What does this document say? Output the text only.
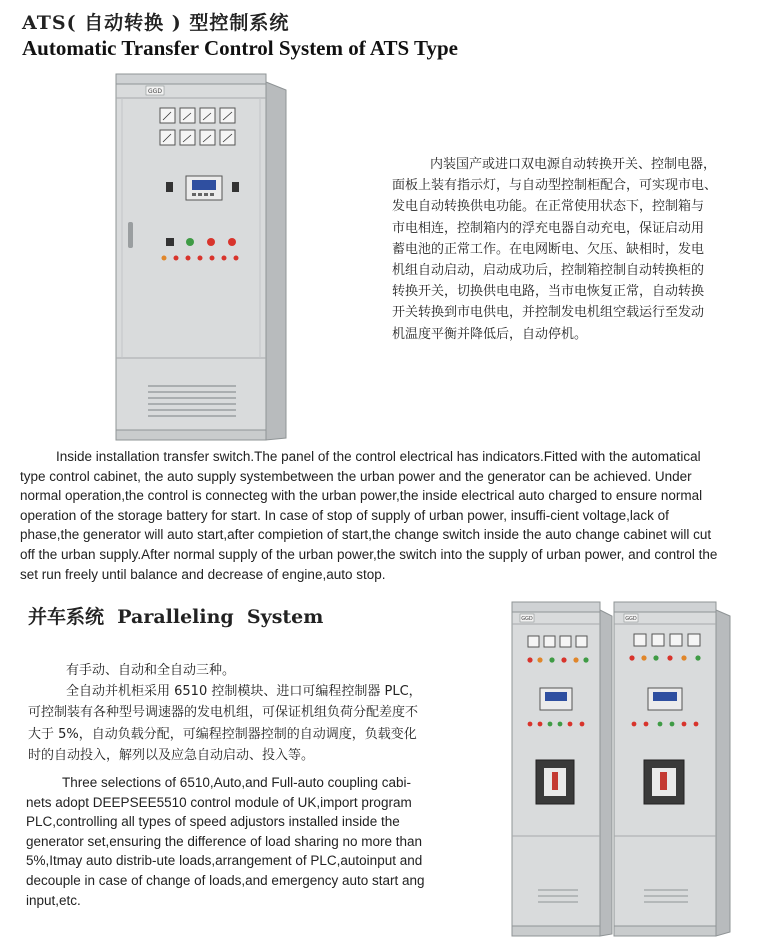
ATS( 自动转换 ) 型控制系统
Automatic Transfer Control System of ATS Type
GGD

内装国产或进口双电源自动转换开关、控制电器，

面板上装有指示灯，与自动型控制柜配合，可实现市电、

发电自动转换供电功能。在正常使用状态下，控制箱与

市电相连，控制箱内的浮充电器自动充电，保证启动用

蓄电池的正常工作。在电网断电、欠压、缺相时，发电

机组自动启动，启动成功后，控制箱控制自动转换柜的

转换开关，切换供电电路，当市电恢复正常，自动转换

开关转换到市电供电，并控制发电机组空载运行至发动

机温度平衡并降低后，自动停机。

Inside installation transfer switch.The panel of the control electrical has indicators.Fitted with the automatical

type control cabinet, the auto supply systembetween the urban power and the generator can be achieved. Under

normal operation,the control is connecteg with the urban power,the inside electrical auto charged to ensure normal

operation of the storage battery for start. In case of stop of supply of urban power, insuffi-cient voltage,lack of

phase,the generator will auto start,after compietion of start,the change switch inside the auto change cabinet will cut

off the urban supply.After normal supply of the urban power,the switch into the supply of urban power, and control the

set run freely until balance and decrease of engine,auto stop.

并车系统  Paralleling  System

有手动、自动和全自动三种。

全自动并机柜采用 6510 控制模块、进口可编程控制器 PLC，

可控制装有各种型号调速器的发电机组，可保证机组负荷分配差度不

大于 5%，自动负载分配，可编程控制器控制的自动调度，负载变化

时的自动投入，解列以及应急自动启动、投入等。

Three selections of 6510,Auto,and Full-auto coupling cabi-

nets adopt DEEPSEE5510 control module of UK,import program

PLC,controlling all types of speed adjustors installed inside the

generator set,ensuring the difference of load sharing no more than

5%,Itmay auto distrib-ute loads,arrangement of PLC,autoinput and

decouple in case of change of loads,and emergency auto start ang

input,etc.

GGD	GGD
